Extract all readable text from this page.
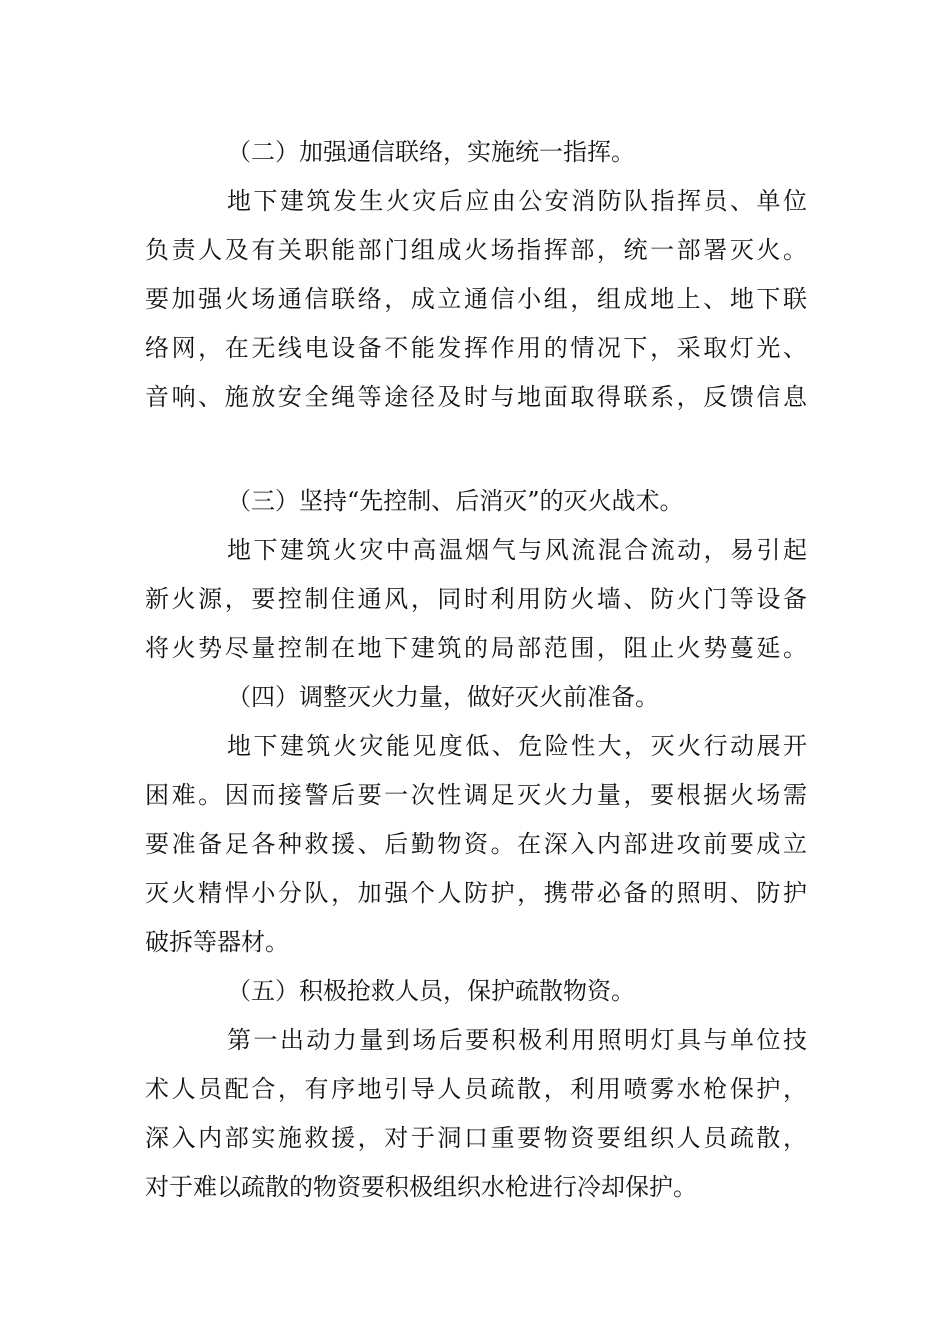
（二）加强通信联络，实施统一指挥。
地下建筑发生火灾后应由公安消防队指挥员、单位
负责人及有关职能部门组成火场指挥部，统一部署灭火。
要加强火场通信联络，成立通信小组，组成地上、地下联
络网，在无线电设备不能发挥作用的情况下，采取灯光、
音响、施放安全绳等途径及时与地面取得联系，反馈信息
（三）坚持“先控制、后消灭”的灭火战术。
地下建筑火灾中高温烟气与风流混合流动，易引起
新火源，要控制住通风，同时利用防火墙、防火门等设备
将火势尽量控制在地下建筑的局部范围，阻止火势蔓延。
（四）调整灭火力量，做好灭火前准备。
地下建筑火灾能见度低、危险性大，灭火行动展开
困难。因而接警后要一次性调足灭火力量，要根据火场需
要准备足各种救援、后勤物资。在深入内部进攻前要成立
灭火精悍小分队，加强个人防护，携带必备的照明、防护
破拆等器材。
（五）积极抢救人员，保护疏散物资。
第一出动力量到场后要积极利用照明灯具与单位技
术人员配合，有序地引导人员疏散，利用喷雾水枪保护，
深入内部实施救援，对于洞口重要物资要组织人员疏散，
对于难以疏散的物资要积极组织水枪进行冷却保护。
